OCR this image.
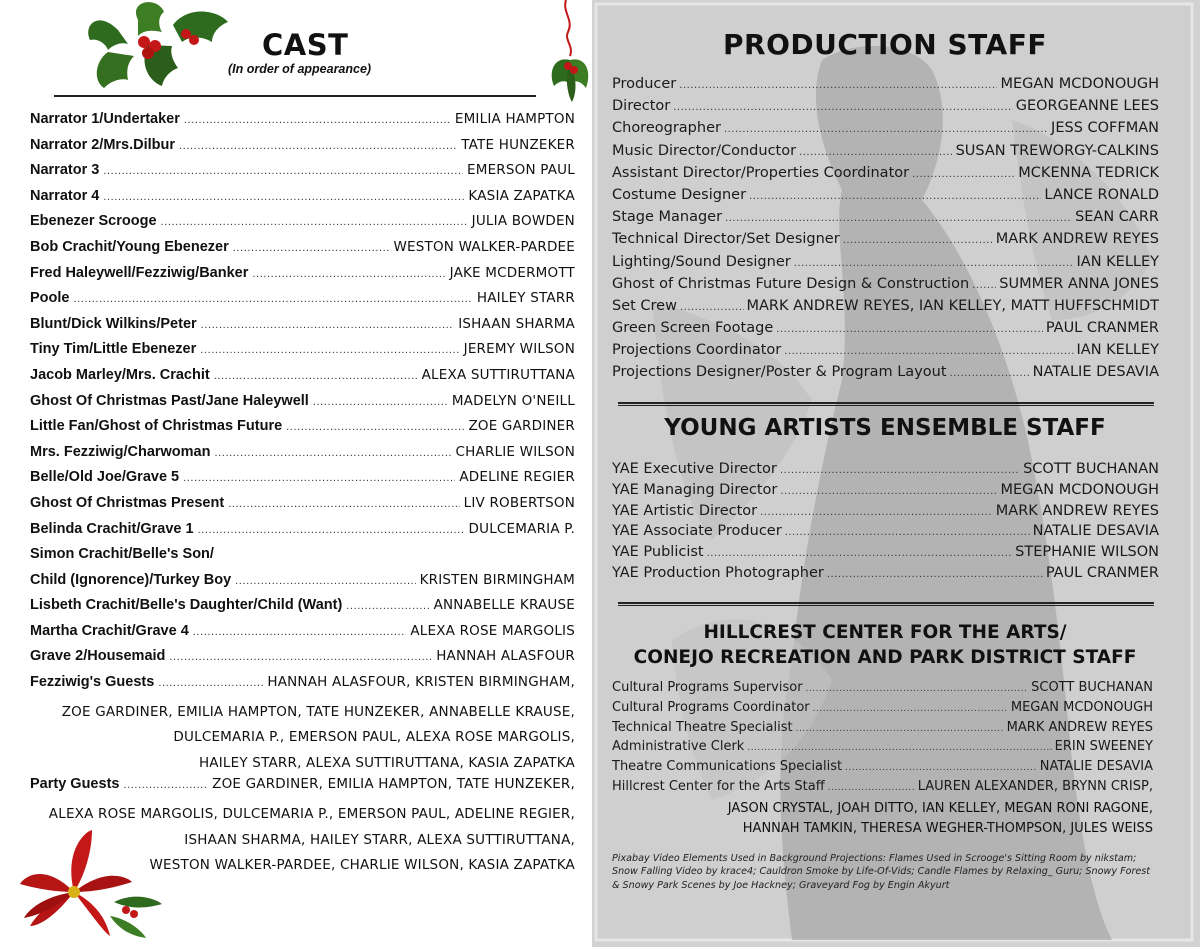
CAST
(In order of appearance)
Narrator 1/Undertaker .....	EMILIA HAMPTON
Narrator 2/Mrs.Dilbur .....	TATE HUNZEKER
Narrator 3 .....	EMERSON PAUL
Narrator 4 .....	KASIA ZAPATKA
Ebenezer Scrooge .....	JULIA BOWDEN
Bob Crachit/Young Ebenezer .....	WESTON WALKER-PARDEE
Fred Haleywell/Fezziwig/Banker .....	JAKE MCDERMOTT
Poole .....	HAILEY STARR
Blunt/Dick Wilkins/Peter .....	ISHAAN SHARMA
Tiny Tim/Little Ebenezer .....	JEREMY WILSON
Jacob Marley/Mrs. Crachit .....	ALEXA SUTTIRUTTANA
Ghost Of Christmas Past/Jane Haleywell .....	MADELYN O'NEILL
Little Fan/Ghost of Christmas Future .....	ZOE GARDINER
Mrs. Fezziwig/Charwoman .....	CHARLIE WILSON
Belle/Old Joe/Grave 5 .....	ADELINE REGIER
Ghost Of Christmas Present .....	LIV ROBERTSON
Belinda Crachit/Grave 1 .....	DULCEMARIA P.
Simon Crachit/Belle's Son/
Child (Ignorence)/Turkey Boy .....	KRISTEN BIRMINGHAM
Lisbeth Crachit/Belle's Daughter/Child (Want) .....	ANNABELLE KRAUSE
Martha Crachit/Grave 4 .....	ALEXA ROSE MARGOLIS
Grave 2/Housemaid .....	HANNAH ALASFOUR
Fezziwig's Guests .....	HANNAH ALASFOUR, KRISTEN BIRMINGHAM,
ZOE GARDINER, EMILIA HAMPTON, TATE HUNZEKER, ANNABELLE KRAUSE,
DULCEMARIA P., EMERSON PAUL, ALEXA ROSE MARGOLIS,
HAILEY STARR, ALEXA SUTTIRUTTANA, KASIA ZAPATKA
Party Guests .....	ZOE GARDINER, EMILIA HAMPTON, TATE HUNZEKER,
ALEXA ROSE MARGOLIS, DULCEMARIA P., EMERSON PAUL, ADELINE REGIER,
ISHAAN SHARMA, HAILEY STARR, ALEXA SUTTIRUTTANA,
WESTON WALKER-PARDEE, CHARLIE WILSON, KASIA ZAPATKA
PRODUCTION STAFF
Producer .....	MEGAN MCDONOUGH
Director .....	GEORGEANNE LEES
Choreographer .....	JESS COFFMAN
Music Director/Conductor .....	SUSAN TREWORGY-CALKINS
Assistant Director/Properties Coordinator .....	MCKENNA TEDRICK
Costume Designer .....	LANCE RONALD
Stage Manager .....	SEAN CARR
Technical Director/Set Designer .....	MARK ANDREW REYES
Lighting/Sound Designer .....	IAN KELLEY
Ghost of Christmas Future Design & Construction ..... SUMMER ANNA JONES
Set Crew .....	MARK ANDREW REYES, IAN KELLEY, MATT HUFFSCHMIDT
Green Screen Footage .....	PAUL CRANMER
Projections Coordinator .....	IAN KELLEY
Projections Designer/Poster & Program Layout .....	NATALIE DESAVIA
YOUNG ARTISTS ENSEMBLE STAFF
YAE Executive Director .....	SCOTT BUCHANAN
YAE Managing Director .....	MEGAN MCDONOUGH
YAE Artistic Director .....	MARK ANDREW REYES
YAE Associate Producer .....	NATALIE DESAVIA
YAE Publicist .....	STEPHANIE WILSON
YAE Production Photographer .....	PAUL CRANMER
HILLCREST CENTER FOR THE ARTS/
CONEJO RECREATION AND PARK DISTRICT STAFF
Cultural Programs Supervisor .....	SCOTT BUCHANAN
Cultural Programs Coordinator .....	MEGAN MCDONOUGH
Technical Theatre Specialist .....	MARK ANDREW REYES
Administrative Clerk .....	ERIN SWEENEY
Theatre Communications Specialist .....	NATALIE DESAVIA
Hillcrest Center for the Arts Staff .....	LAUREN ALEXANDER, BRYNN CRISP,
JASON CRYSTAL, JOAH DITTO, IAN KELLEY, MEGAN RONI RAGONE,
HANNAH TAMKIN, THERESA WEGHER-THOMPSON, JULES WEISS
Pixabay Video Elements Used in Background Projections: Flames Used in Scrooge's Sitting Room by nikstam; Snow Falling Video by krace4; Cauldron Smoke by Life-Of-Vids; Candle Flames by Relaxing_ Guru; Snowy Forest & Snowy Park Scenes by Joe Hackney; Graveyard Fog by Engin Akyurt
